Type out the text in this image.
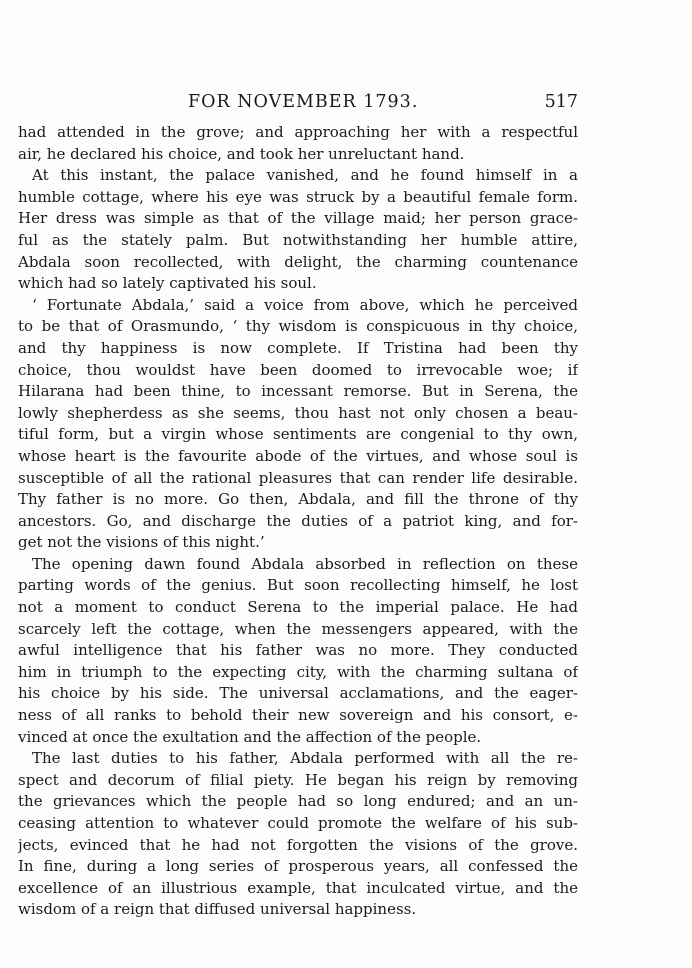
FOR NOVEMBER 1793.	517
had attended in the grove; and approaching her with a respectful
air, he declared his choice, and took her unreluctant hand.
At this instant, the palace vanished, and he found himself in a
humble cottage, where his eye was struck by a beautiful female form.
Her dress was simple as that of the village maid; her person grace-
ful as the stately palm. But notwithstanding her humble attire,
Abdala soon recollected, with delight, the charming countenance
which had so lately captivated his soul.
‘ Fortunate Abdala,’ said a voice from above, which he perceived
to be that of Orasmundo, ‘ thy wisdom is conspicuous in thy choice,
and thy happiness is now complete. If Tristina had been thy
choice, thou wouldst have been doomed to irrevocable woe; if
Hilarana had been thine, to incessant remorse. But in Serena, the
lowly shepherdess as she seems, thou hast not only chosen a beau-
tiful form, but a virgin whose sentiments are congenial to thy own,
whose heart is the favourite abode of the virtues, and whose soul is
susceptible of all the rational pleasures that can render life desirable.
Thy father is no more. Go then, Abdala, and fill the throne of thy
ancestors. Go, and discharge the duties of a patriot king, and for-
get not the visions of this night.’
The opening dawn found Abdala absorbed in reflection on these
parting words of the genius. But soon recollecting himself, he lost
not a moment to conduct Serena to the imperial palace. He had
scarcely left the cottage, when the messengers appeared, with the
awful intelligence that his father was no more. They conducted
him in triumph to the expecting city, with the charming sultana of
his choice by his side. The universal acclamations, and the eager-
ness of all ranks to behold their new sovereign and his consort, e-
vinced at once the exultation and the affection of the people.
The last duties to his father, Abdala performed with all the re-
spect and decorum of filial piety. He began his reign by removing
the grievances which the people had so long endured; and an un-
ceasing attention to whatever could promote the welfare of his sub-
jects, evinced that he had not forgotten the visions of the grove.
In fine, during a long series of prosperous years, all confessed the
excellence of an illustrious example, that inculcated virtue, and the
wisdom of a reign that diffused universal happiness.
